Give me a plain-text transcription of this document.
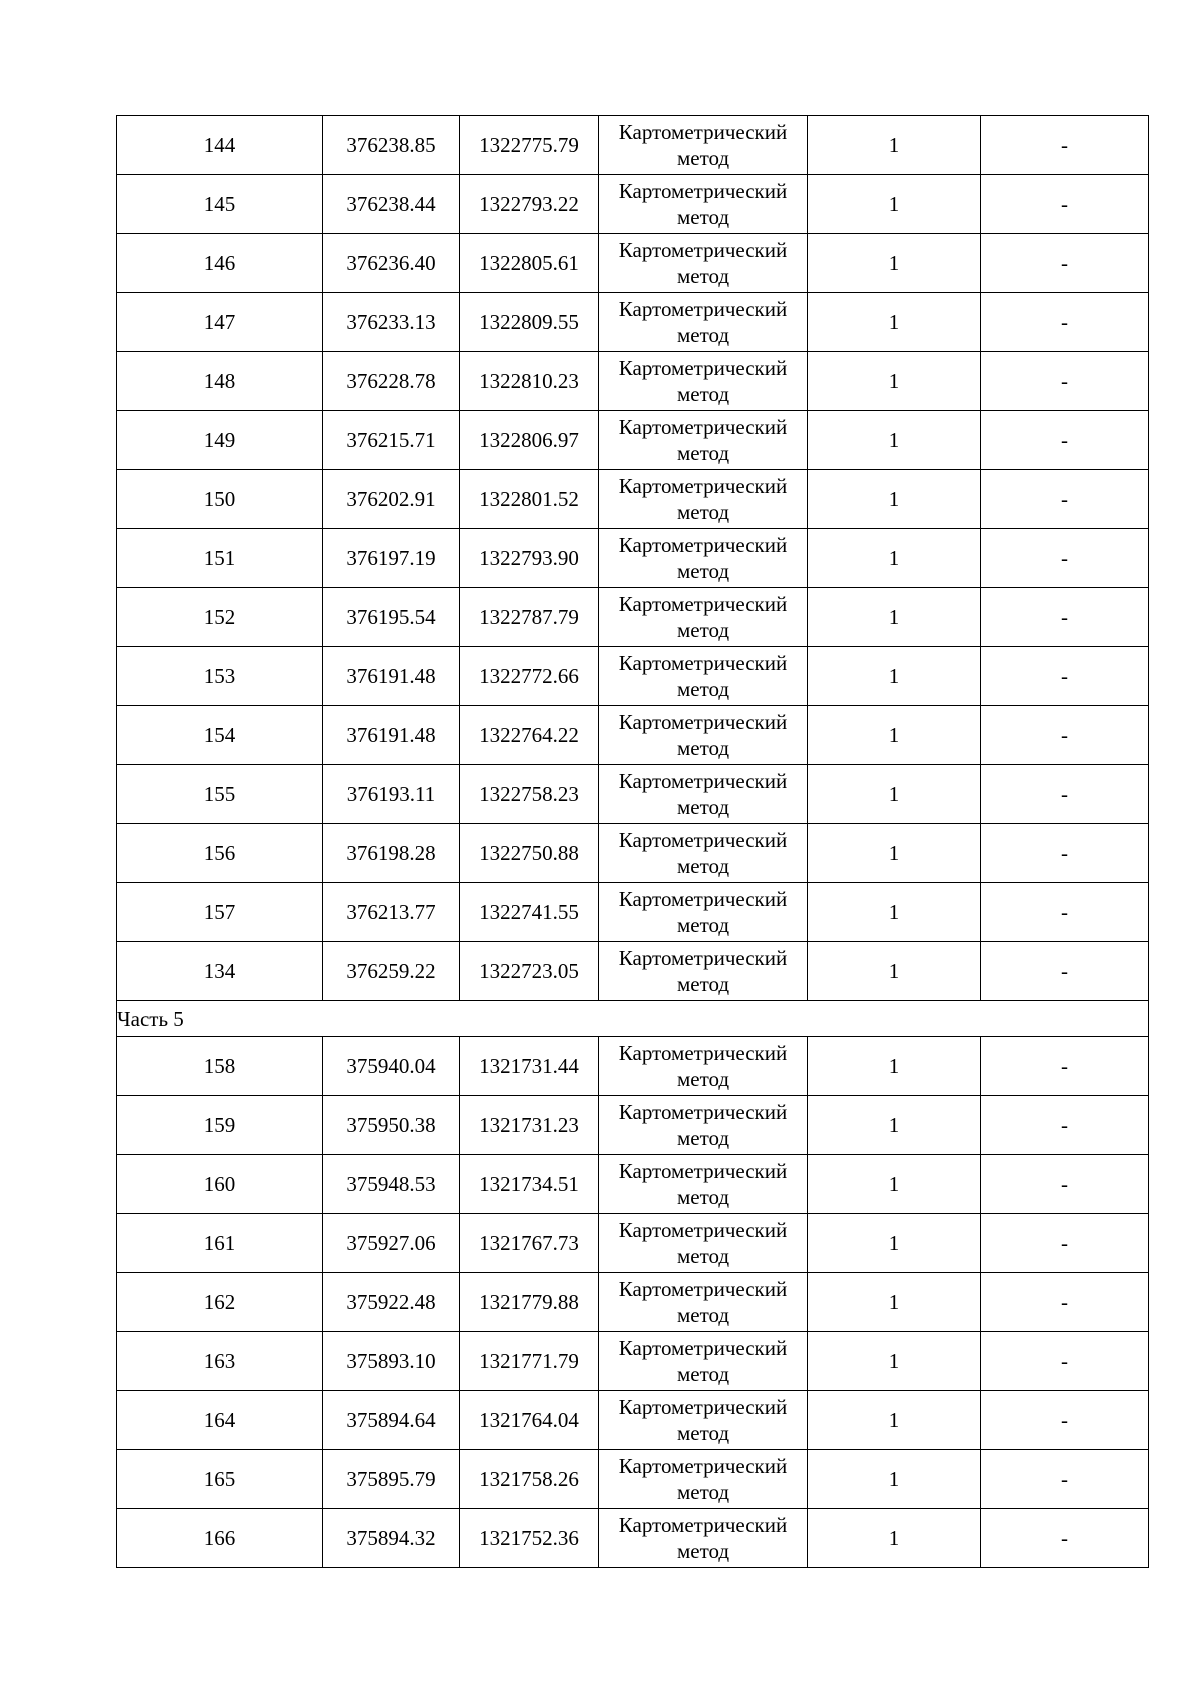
144	376238.85	1322775.79	Картометрический
метод	1	-
145	376238.44	1322793.22	Картометрический
метод	1	-
146	376236.40	1322805.61	Картометрический
метод	1	-
147	376233.13	1322809.55	Картометрический
метод	1	-
148	376228.78	1322810.23	Картометрический
метод	1	-
149	376215.71	1322806.97	Картометрический
метод	1	-
150	376202.91	1322801.52	Картометрический
метод	1	-
151	376197.19	1322793.90	Картометрический
метод	1	-
152	376195.54	1322787.79	Картометрический
метод	1	-
153	376191.48	1322772.66	Картометрический
метод	1	-
154	376191.48	1322764.22	Картометрический
метод	1	-
155	376193.11	1322758.23	Картометрический
метод	1	-
156	376198.28	1322750.88	Картометрический
метод	1	-
157	376213.77	1322741.55	Картометрический
метод	1	-
134	376259.22	1322723.05	Картометрический
метод	1	-
Часть 5					
158	375940.04	1321731.44	Картометрический
метод	1	-
159	375950.38	1321731.23	Картометрический
метод	1	-
160	375948.53	1321734.51	Картометрический
метод	1	-
161	375927.06	1321767.73	Картометрический
метод	1	-
162	375922.48	1321779.88	Картометрический
метод	1	-
163	375893.10	1321771.79	Картометрический
метод	1	-
164	375894.64	1321764.04	Картометрический
метод	1	-
165	375895.79	1321758.26	Картометрический
метод	1	-
166	375894.32	1321752.36	Картометрический
метод	1	-
